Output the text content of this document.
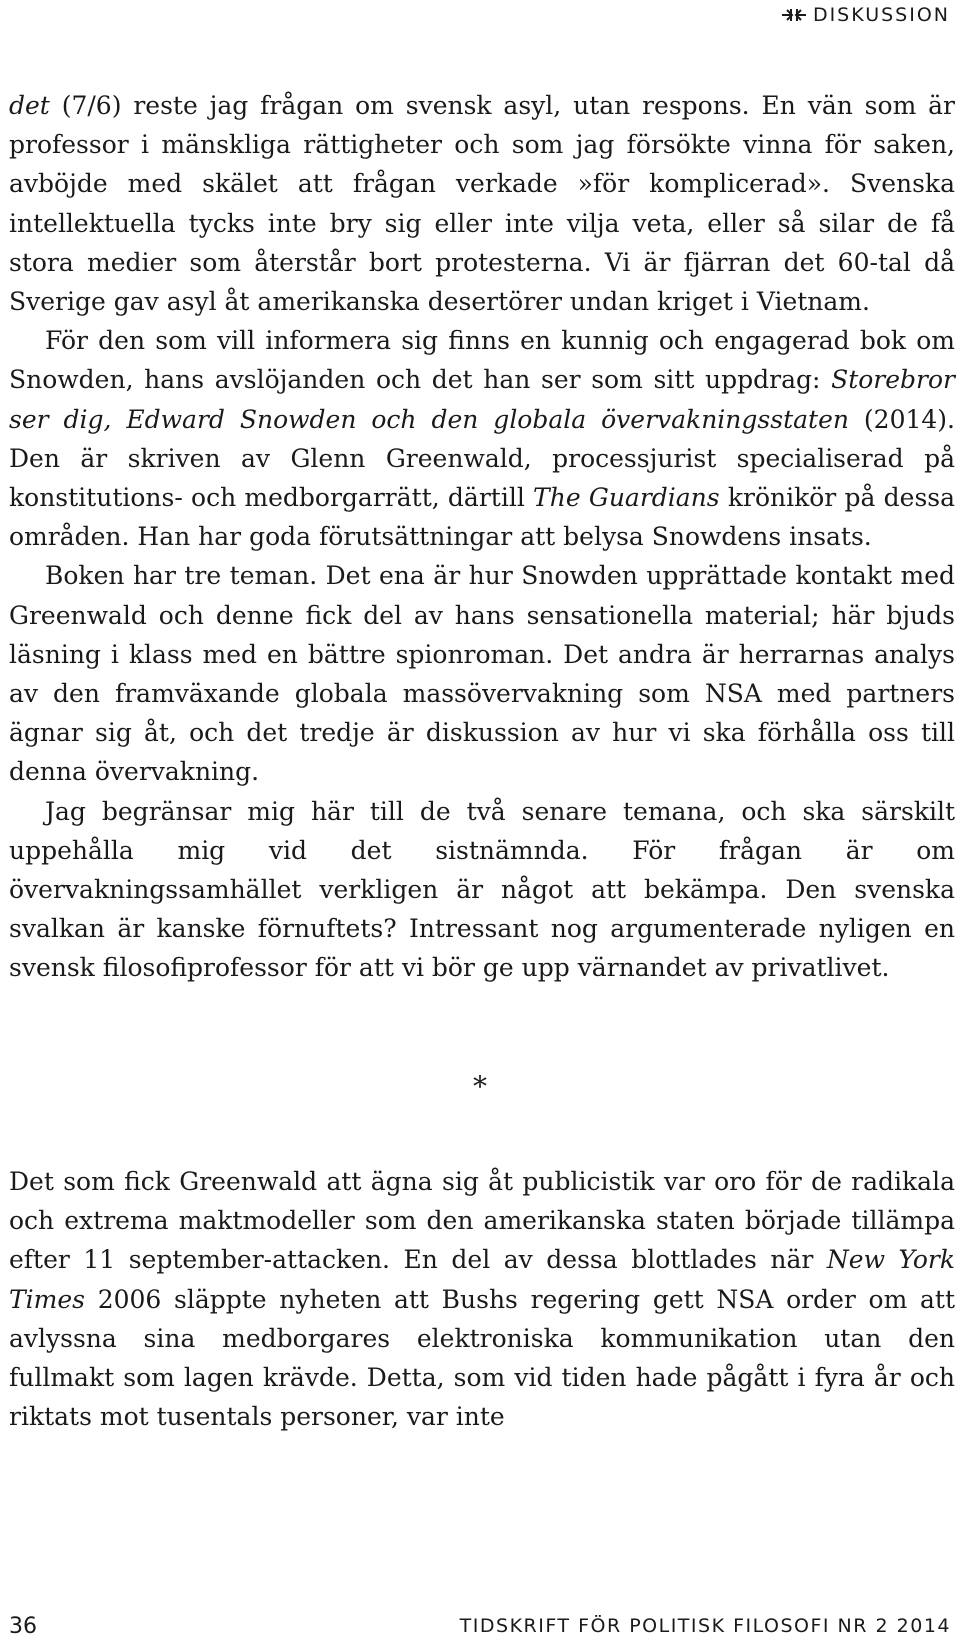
DISKUSSION

det (7/6) reste jag frågan om svensk asyl, utan respons. En vän som är professor i mänskliga rättigheter och som jag försökte vinna för saken, avböjde med skälet att frågan verkade »för komplicerad». Svenska intellektuella tycks inte bry sig eller inte vilja veta, eller så silar de få stora medier som återstår bort protesterna. Vi är fjärran det 60-tal då Sverige gav asyl åt amerikanska desertörer undan kriget i Vietnam.

För den som vill informera sig finns en kunnig och engagerad bok om Snowden, hans avslöjanden och det han ser som sitt uppdrag: Storebror ser dig, Edward Snowden och den globala övervakningsstaten (2014). Den är skriven av Glenn Greenwald, processjurist specialiserad på konstitutions- och medborgarrätt, därtill The Guardians krönikör på dessa områden. Han har goda förutsättningar att belysa Snowdens insats.

Boken har tre teman. Det ena är hur Snowden upprättade kontakt med Greenwald och denne fick del av hans sensationella material; här bjuds läsning i klass med en bättre spionroman. Det andra är herrarnas analys av den framväxande globala massövervakning som NSA med partners ägnar sig åt, och det tredje är diskussion av hur vi ska förhålla oss till denna övervakning.

Jag begränsar mig här till de två senare temana, och ska särskilt uppehålla mig vid det sistnämnda. För frågan är om övervakningssamhället verkligen är något att bekämpa. Den svenska svalkan är kanske förnuftets? Intressant nog argumenterade nyligen en svensk filosofiprofessor för att vi bör ge upp värnandet av privatlivet.

*

Det som fick Greenwald att ägna sig åt publicistik var oro för de radikala och extrema maktmodeller som den amerikanska staten började tillämpa efter 11 september-attacken. En del av dessa blottlades när New York Times 2006 släppte nyheten att Bushs regering gett NSA order om att avlyssna sina medborgares elektroniska kommunikation utan den fullmakt som lagen krävde. Detta, som vid tiden hade pågått i fyra år och riktats mot tusentals personer, var inte

36	TIDSKRIFT FÖR POLITISK FILOSOFI NR 2 2014
